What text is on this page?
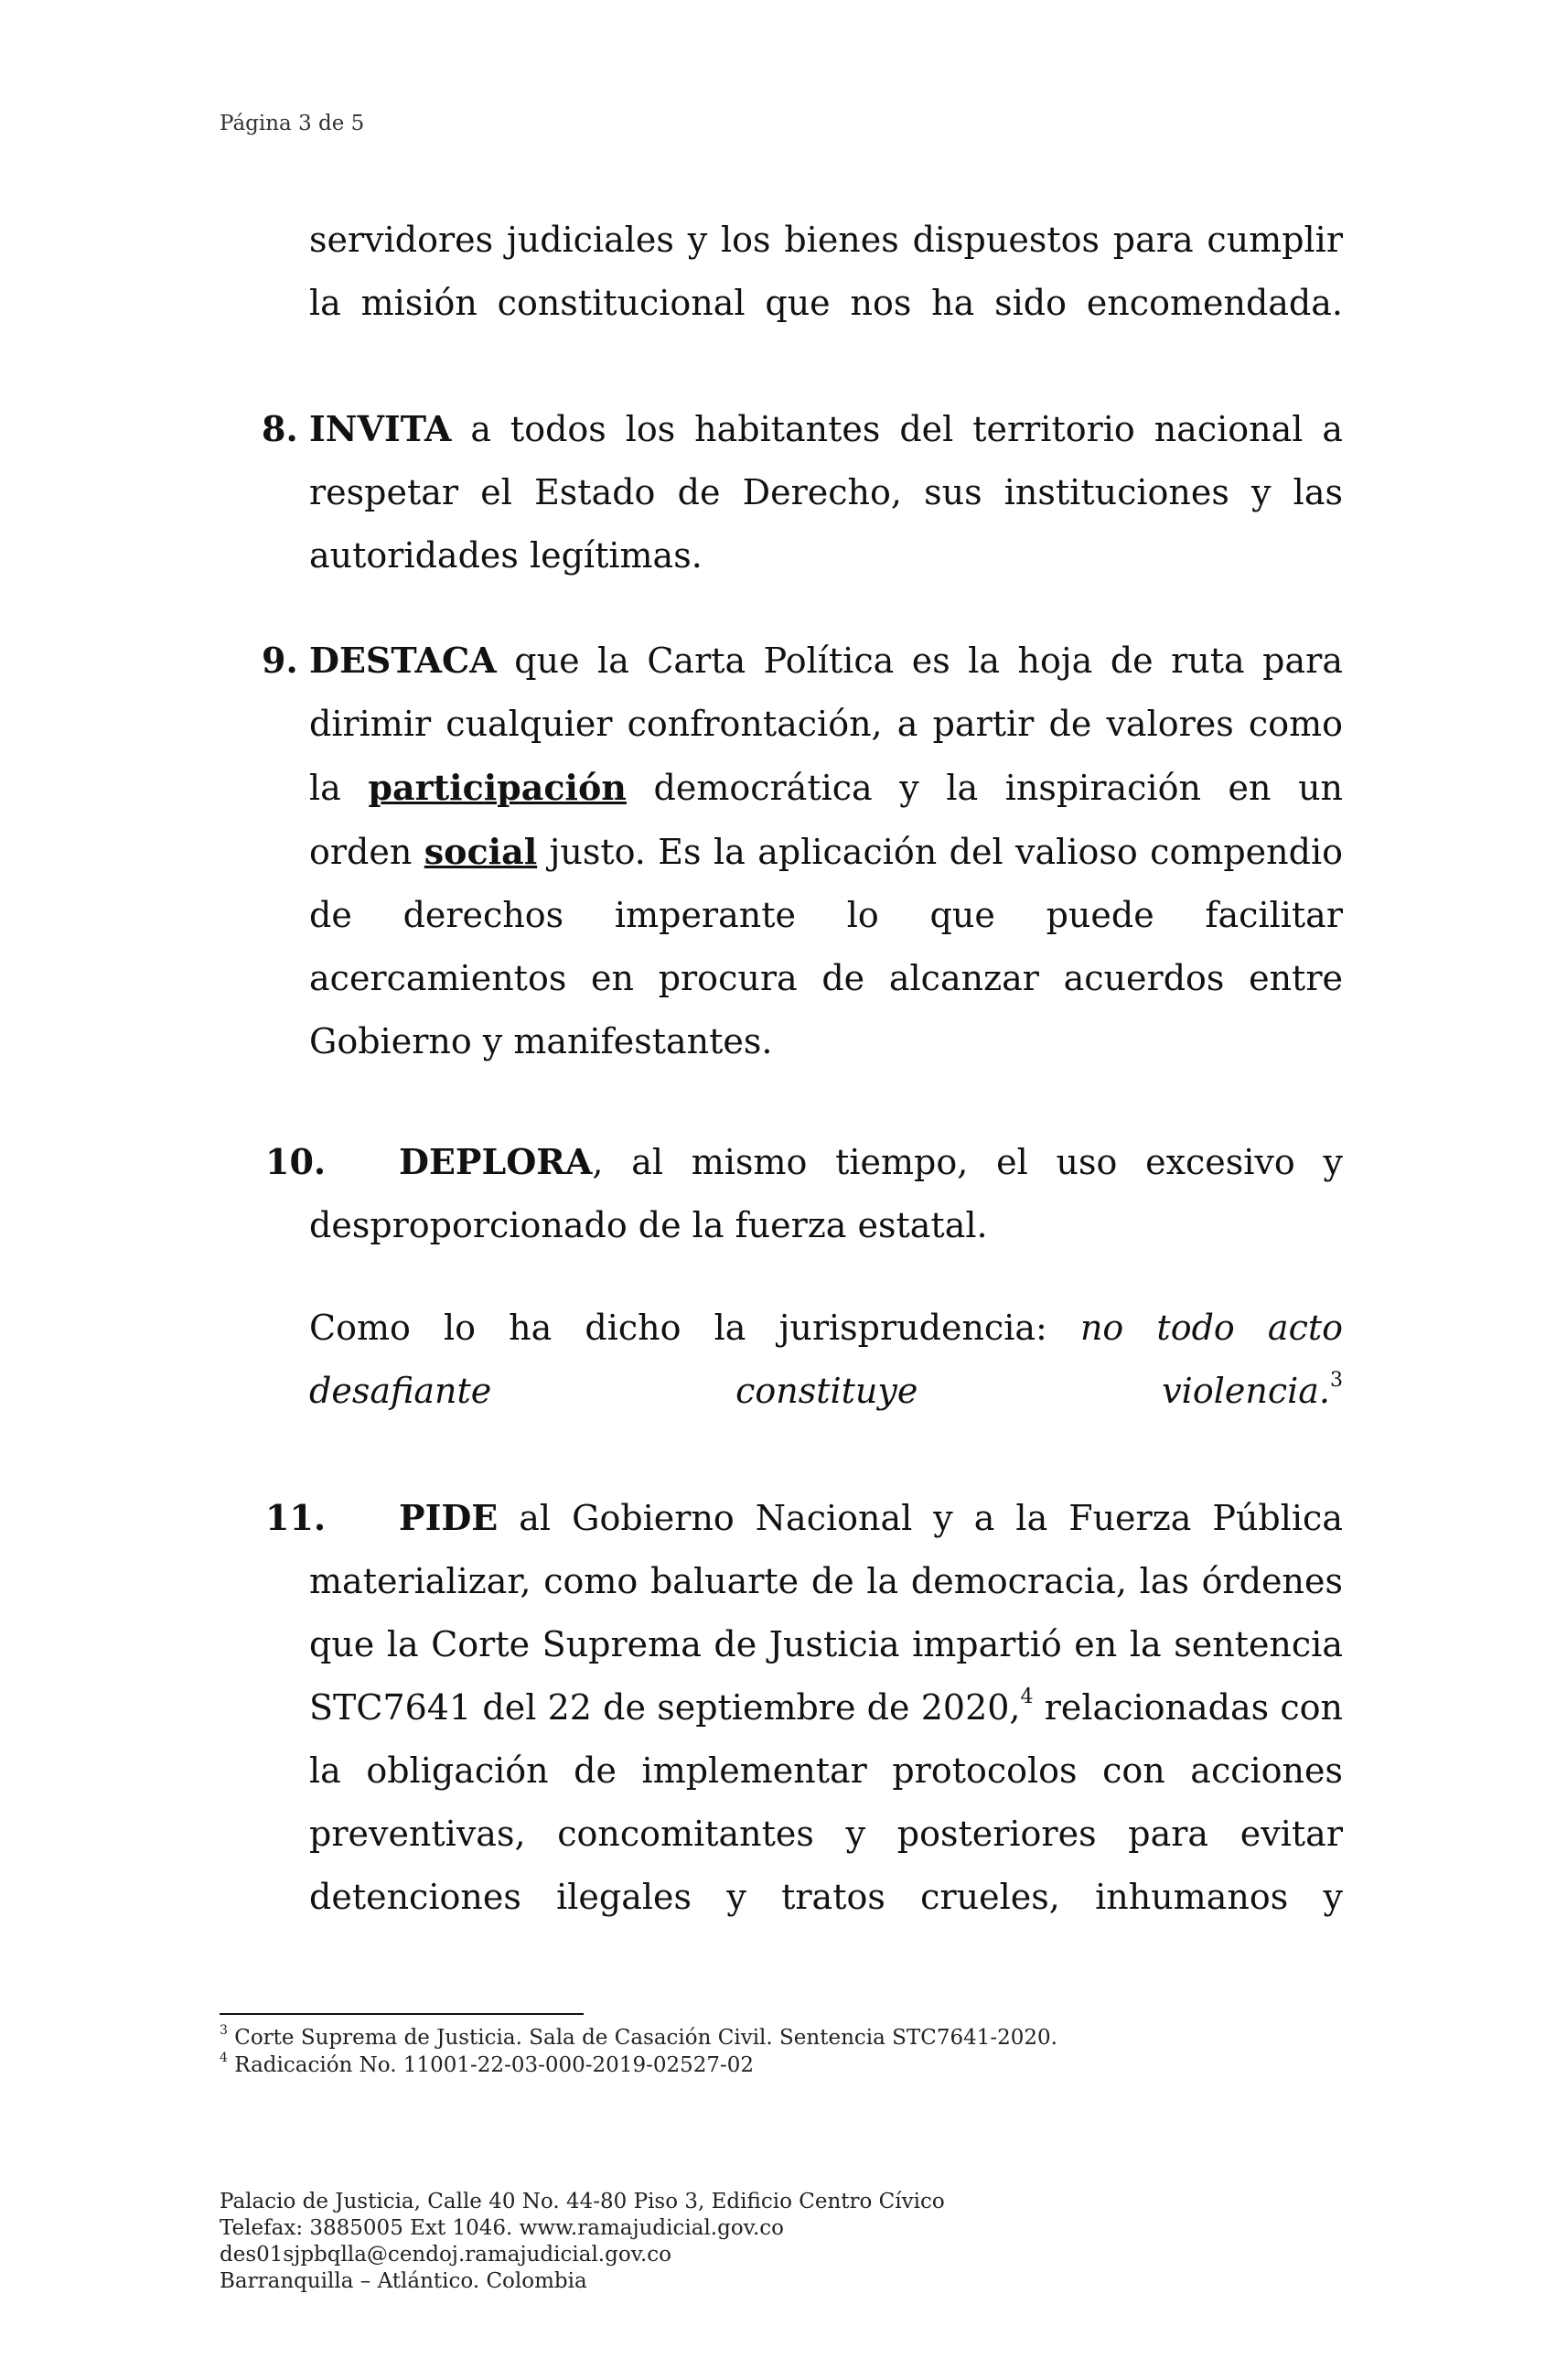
Página 3 de 5
servidores judiciales y los bienes dispuestos para cumplir la misión constitucional que nos ha sido encomendada.
8. INVITA a todos los habitantes del territorio nacional a respetar el Estado de Derecho, sus instituciones y las autoridades legítimas.
9. DESTACA que la Carta Política es la hoja de ruta para dirimir cualquier confrontación, a partir de valores como la participación democrática y la inspiración en un orden social justo. Es la aplicación del valioso compendio de derechos imperante lo que puede facilitar acercamientos en procura de alcanzar acuerdos entre Gobierno y manifestantes.
10.	DEPLORA, al mismo tiempo, el uso excesivo y desproporcionado de la fuerza estatal.
Como lo ha dicho la jurisprudencia: no todo acto desafiante constituye violencia.$^3$
11.	PIDE al Gobierno Nacional y a la Fuerza Pública materializar, como baluarte de la democracia, las órdenes que la Corte Suprema de Justicia impartió en la sentencia STC7641 del 22 de septiembre de 2020,$^4$ relacionadas con la obligación de implementar protocolos con acciones preventivas, concomitantes y posteriores para evitar detenciones ilegales y tratos crueles, inhumanos y
$^3$ Corte Suprema de Justicia. Sala de Casación Civil. Sentencia STC7641-2020.
$^4$ Radicación No. 11001-22-03-000-2019-02527-02
Palacio de Justicia, Calle 40 No. 44-80 Piso 3, Edificio Centro Cívico
Telefax: 3885005 Ext 1046. www.ramajudicial.gov.co
des01sjpbqlla@cendoj.ramajudicial.gov.co
Barranquilla – Atlántico. Colombia
